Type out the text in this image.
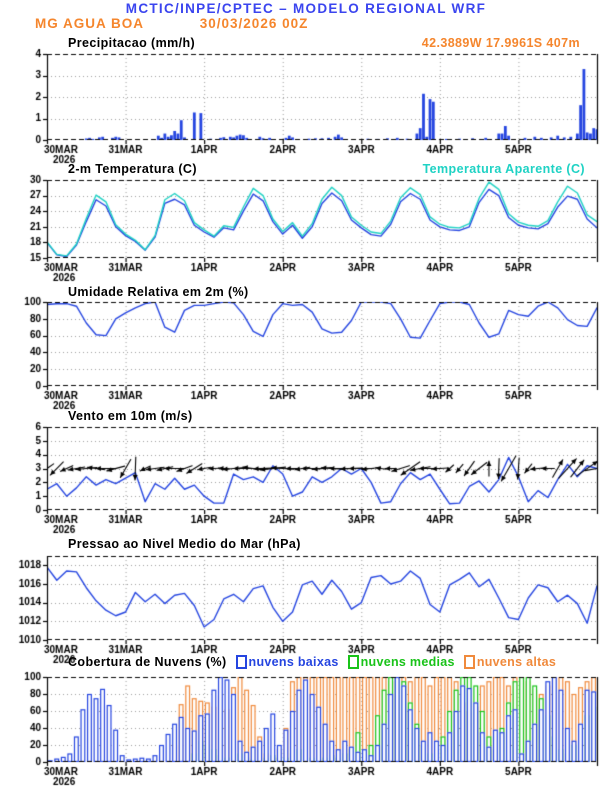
MCTIC/INPE/CPTEC – MODELO REGIONAL WRF
MG AGUA BOA	30/03/2026 00Z
Precipitacao (mm/h)	42.3889W 17.9961S 407m
2-m Temperatura (C)	Temperatura Aparente (C)
Umidade Relativa em 2m (%)
Vento em 10m (m/s)
Pressao ao Nivel Medio do Mar (hPa)
Cobertura de Nuvens (%) nuvens baixas nuvens medias nuvens altas
